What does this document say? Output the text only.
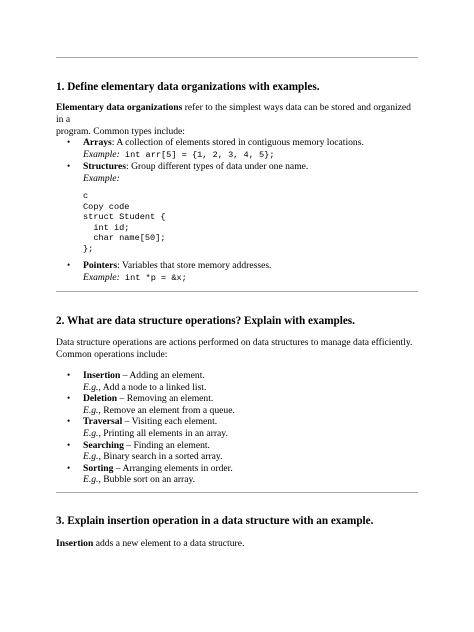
1. Define elementary data organizations with examples.

Elementary data organizations refer to the simplest ways data can be stored and organized in a
program. Common types include:

• Arrays: A collection of elements stored in contiguous memory locations.
Example: int arr[5] = {1, 2, 3, 4, 5};
• Structures: Group different types of data under one name.
Example:
c
Copy code
struct Student {
int id;
char name[50];
};
• Pointers: Variables that store memory addresses.
Example: int *p = &x;
2. What are data structure operations? Explain with examples.

Data structure operations are actions performed on data structures to manage data efficiently.
Common operations include:

• Insertion – Adding an element.
E.g., Add a node to a linked list.
• Deletion – Removing an element.
E.g., Remove an element from a queue.
• Traversal – Visiting each element.
E.g., Printing all elements in an array.
• Searching – Finding an element.
E.g., Binary search in a sorted array.
• Sorting – Arranging elements in order.
E.g., Bubble sort on an array.
3. Explain insertion operation in a data structure with an example.

Insertion adds a new element to a data structure.
